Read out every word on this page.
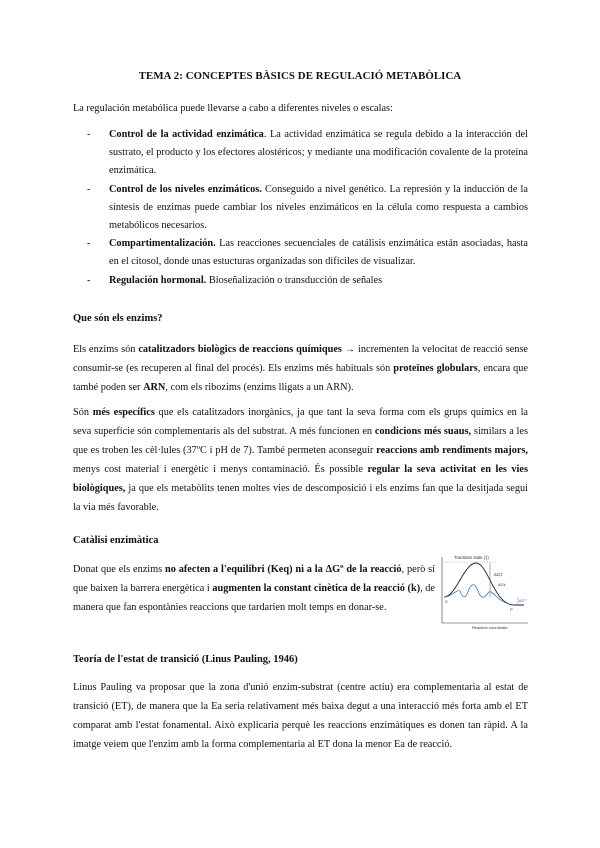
TEMA 2: CONCEPTES BÀSICS DE REGULACIÓ METABÒLICA
La regulación metabólica puede llevarse a cabo a diferentes niveles o escalas:
- Control de la actividad enzimática. La actividad enzimática se regula debido a la interacción del sustrato, el producto y los efectores alostéricos; y mediante una modificación covalente de la proteína enzimática.
- Control de los niveles enzimáticos. Conseguido a nivel genético. La represión y la inducción de la síntesis de enzimas puede cambiar los niveles enzimáticos en la célula como respuesta a cambios metabólicos necesarios.
- Compartimentalización. Las reacciones secuenciales de catálisis enzimática están asociadas, hasta en el citosol, donde unas estucturas organizadas son difíciles de visualizar.
- Regulación hormonal. Bioseñalización o transducción de señales
Que són els enzims?
Els enzims són catalitzadors biològics de reaccions químiques → incrementen la velocitat de reacció sense consumir-se (es recuperen al final del procés). Els enzims més habituals són proteïnes globulars, encara que també poden ser ARN, com els ribozims (enzims lligats a un ARN).
Són més específics que els catalitzadors inorgànics, ja que tant la seva forma com els grups químics en la seva superfície són complementaris als del substrat. A més funcionen en condicions més suaus, similars a les que es troben les cèl·lules (37ºC i pH de 7). També permeten aconseguir reaccions amb rendiments majors, menys cost material i energètic i menys contaminació. És possible regular la seva activitat en les vies biològiques, ja que els metabòlits tenen moltes vies de descomposició i els enzims fan que la desitjada segui la via més favorable.
Catàlisi enzimàtica
Donat que els enzims no afecten a l'equilibri (Keq) ni a la ΔGº de la reacció, però sí que baixen la barrera energètica i augmenten la constant cinètica de la reacció (k), de manera que fan espontànies reaccions que tardarien molt temps en donar-se.
Transition state (‡)
ΔG‡
ΔG‡
ΔG'°
S
P
Reaction coordinate
Teoría de l'estat de transició (Linus Pauling, 1946)
Linus Pauling va proposar que la zona d'unió enzim-substrat (centre actiu) era complementaria al estat de transició (ET), de manera que la Ea seria relativament més baixa degut a una interacció més forta amb el ET comparat amb l'estat fonamental. Això explicaria perquè les reaccions enzimàtiques es donen tan ràpid. A la imatge veiem que l'enzim amb la forma complementaria al ET dona la menor Ea de reacció.
